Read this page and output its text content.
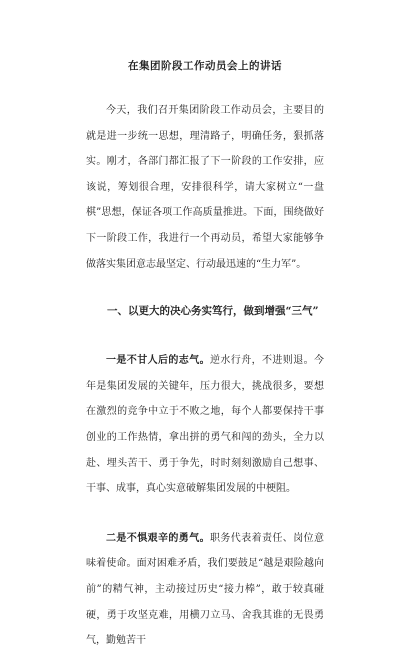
在集团阶段工作动员会上的讲话

今天，我们召开集团阶段工作动员会，主要目的就是进一步统一思想，理清路子，明确任务，狠抓落实。刚才，各部门都汇报了下一阶段的工作安排，应该说，筹划很合理，安排很科学，请大家树立“一盘棋”思想，保证各项工作高质量推进。下面，围绕做好下一阶段工作，我进行一个再动员，希望大家能够争做落实集团意志最坚定、行动最迅速的“生力军”。

一、以更大的决心务实笃行，做到增强“三气”

一是不甘人后的志气。逆水行舟，不进则退。今年是集团发展的关键年，压力很大，挑战很多，要想在激烈的竞争中立于不败之地，每个人都要保持干事创业的工作热情，拿出拼的勇气和闯的劲头，全力以赴、埋头苦干、勇于争先，时时刻刻激励自己想事、干事、成事，真心实意破解集团发展的中梗阻。

二是不惧艰辛的勇气。职务代表着责任、岗位意味着使命。面对困难矛盾，我们要鼓足“越是艰险越向前”的精气神，主动接过历史“接力棒”，敢于较真碰硬，勇于攻坚克难，用横刀立马、舍我其谁的无畏勇气，勤勉苦干
